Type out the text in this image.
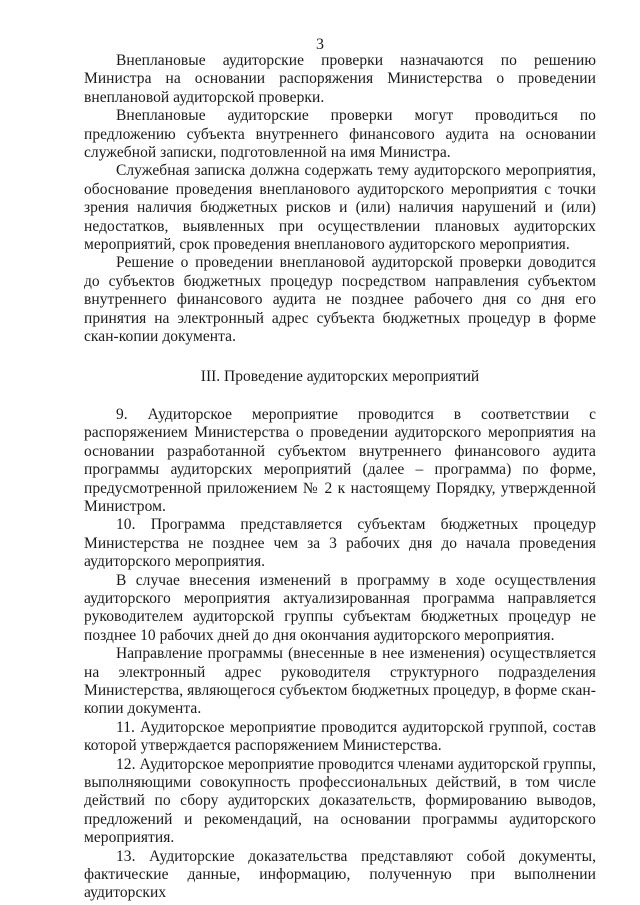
3

Внеплановые аудиторские проверки назначаются по решению Министра на основании распоряжения Министерства о проведении внеплановой аудиторской проверки.

Внеплановые аудиторские проверки могут проводиться по предложению субъекта внутреннего финансового аудита на основании служебной записки, подготовленной на имя Министра.

Служебная записка должна содержать тему аудиторского мероприятия, обоснование проведения внепланового аудиторского мероприятия с точки зрения наличия бюджетных рисков и (или) наличия нарушений и (или) недостатков, выявленных при осуществлении плановых аудиторских мероприятий, срок проведения внепланового аудиторского мероприятия.

Решение о проведении внеплановой аудиторской проверки доводится до субъектов бюджетных процедур посредством направления субъектом внутреннего финансового аудита не позднее рабочего дня со дня его принятия на электронный адрес субъекта бюджетных процедур в форме скан-копии документа.

III. Проведение аудиторских мероприятий

9. Аудиторское мероприятие проводится в соответствии с распоряжением Министерства о проведении аудиторского мероприятия на основании разработанной субъектом внутреннего финансового аудита программы аудиторских мероприятий (далее – программа) по форме, предусмотренной приложением № 2 к настоящему Порядку, утвержденной Министром.

10. Программа представляется субъектам бюджетных процедур Министерства не позднее чем за 3 рабочих дня до начала проведения аудиторского мероприятия.

В случае внесения изменений в программу в ходе осуществления аудиторского мероприятия актуализированная программа направляется руководителем аудиторской группы субъектам бюджетных процедур не позднее 10 рабочих дней до дня окончания аудиторского мероприятия.

Направление программы (внесенные в нее изменения) осуществляется на электронный адрес руководителя структурного подразделения Министерства, являющегося субъектом бюджетных процедур, в форме скан-копии документа.

11. Аудиторское мероприятие проводится аудиторской группой, состав которой утверждается распоряжением Министерства.

12. Аудиторское мероприятие проводится членами аудиторской группы, выполняющими совокупность профессиональных действий, в том числе действий по сбору аудиторских доказательств, формированию выводов, предложений и рекомендаций, на основании программы аудиторского мероприятия.

13. Аудиторские доказательства представляют собой документы, фактические данные, информацию, полученную при выполнении аудиторских
